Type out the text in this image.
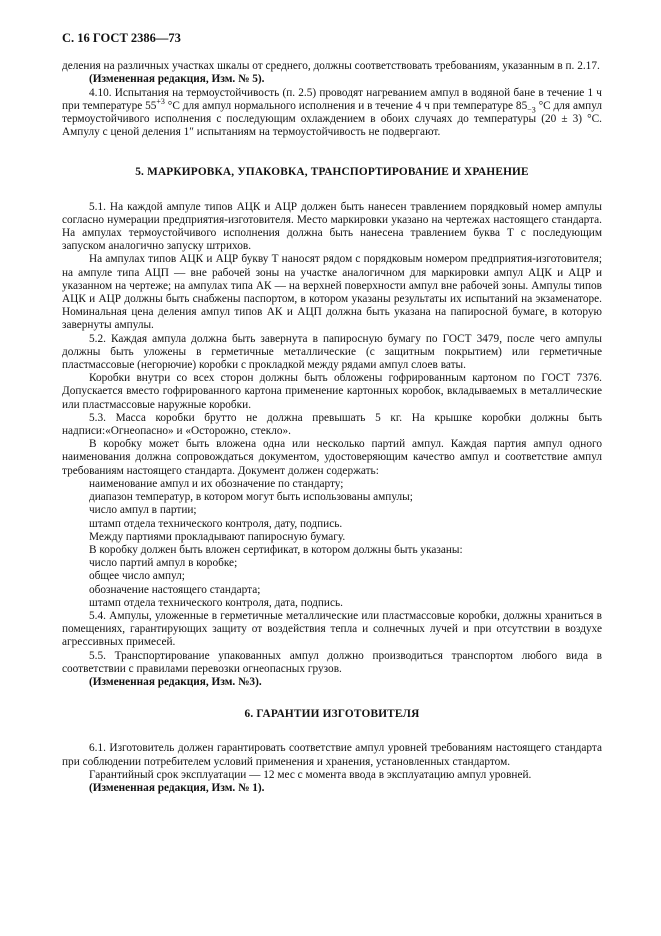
С. 16 ГОСТ 2386—73

деления на различных участках шкалы от среднего, должны соответствовать требованиям, указанным в п. 2.17.

(Измененная редакция, Изм. № 5).

4.10. Испытания на термоустойчивость (п. 2.5) проводят нагреванием ампул в водяной бане в течение 1 ч при температуре $55^{+3}$ °С для ампул нормального исполнения и в течение 4 ч при температуре $85_{-3}$ °С для ампул термоустойчивого исполнения с последующим охлаждением в обоих случаях до температуры (20 ± 3) °С. Ампулу с ценой деления 1″ испытаниям на термоустойчивость не подвергают.

5. МАРКИРОВКА, УПАКОВКА, ТРАНСПОРТИРОВАНИЕ И ХРАНЕНИЕ

5.1. На каждой ампуле типов АЦК и АЦР должен быть нанесен травлением порядковый номер ампулы согласно нумерации предприятия-изготовителя. Место маркировки указано на чертежах настоящего стандарта. На ампулах термоустойчивого исполнения должна быть нанесена травлением буква Т с последующим запуском аналогично запуску штрихов.

На ампулах типов АЦК и АЦР букву Т наносят рядом с порядковым номером предприятия-изготовителя; на ампуле типа АЦП — вне рабочей зоны на участке аналогичном для маркировки ампул АЦК и АЦР и указанном на чертеже; на ампулах типа АК — на верхней поверхности ампул вне рабочей зоны. Ампулы типов АЦК и АЦР должны быть снабжены паспортом, в котором указаны результаты их испытаний на экзаменаторе. Номинальная цена деления ампул типов АК и АЦП должна быть указана на папиросной бумаге, в которую завернуты ампулы.

5.2. Каждая ампула должна быть завернута в папиросную бумагу по ГОСТ 3479, после чего ампулы должны быть уложены в герметичные металлические (с защитным покрытием) или герметичные пластмассовые (негорючие) коробки с прокладкой между рядами ампул слоев ваты.

Коробки внутри со всех сторон должны быть обложены гофрированным картоном по ГОСТ 7376. Допускается вместо гофрированного картона применение картонных коробок, вкладываемых в металлические или пластмассовые наружные коробки.

5.3. Масса коробки брутто не должна превышать 5 кг. На крышке коробки должны быть надписи:«Огнеопасно» и «Осторожно, стекло».

В коробку может быть вложена одна или несколько партий ампул. Каждая партия ампул одного наименования должна сопровождаться документом, удостоверяющим качество ампул и соответствие ампул требованиям настоящего стандарта. Документ должен содержать:

наименование ампул и их обозначение по стандарту;

диапазон температур, в котором могут быть использованы ампулы;

число ампул в партии;

штамп отдела технического контроля, дату, подпись.

Между партиями прокладывают папиросную бумагу.

В коробку должен быть вложен сертификат, в котором должны быть указаны:

число партий ампул в коробке;

общее число ампул;

обозначение настоящего стандарта;

штамп отдела технического контроля, дата, подпись.

5.4. Ампулы, уложенные в герметичные металлические или пластмассовые коробки, должны храниться в помещениях, гарантирующих защиту от воздействия тепла и солнечных лучей и при отсутствии в воздухе агрессивных примесей.

5.5. Транспортирование упакованных ампул должно производиться транспортом любого вида в соответствии с правилами перевозки огнеопасных грузов.

(Измененная редакция, Изм. №3).

6. ГАРАНТИИ ИЗГОТОВИТЕЛЯ

6.1. Изготовитель должен гарантировать соответствие ампул уровней требованиям настоящего стандарта при соблюдении потребителем условий применения и хранения, установленных стандартом.

Гарантийный срок эксплуатации — 12 мес с момента ввода в эксплуатацию ампул уровней.

(Измененная редакция, Изм. № 1).
